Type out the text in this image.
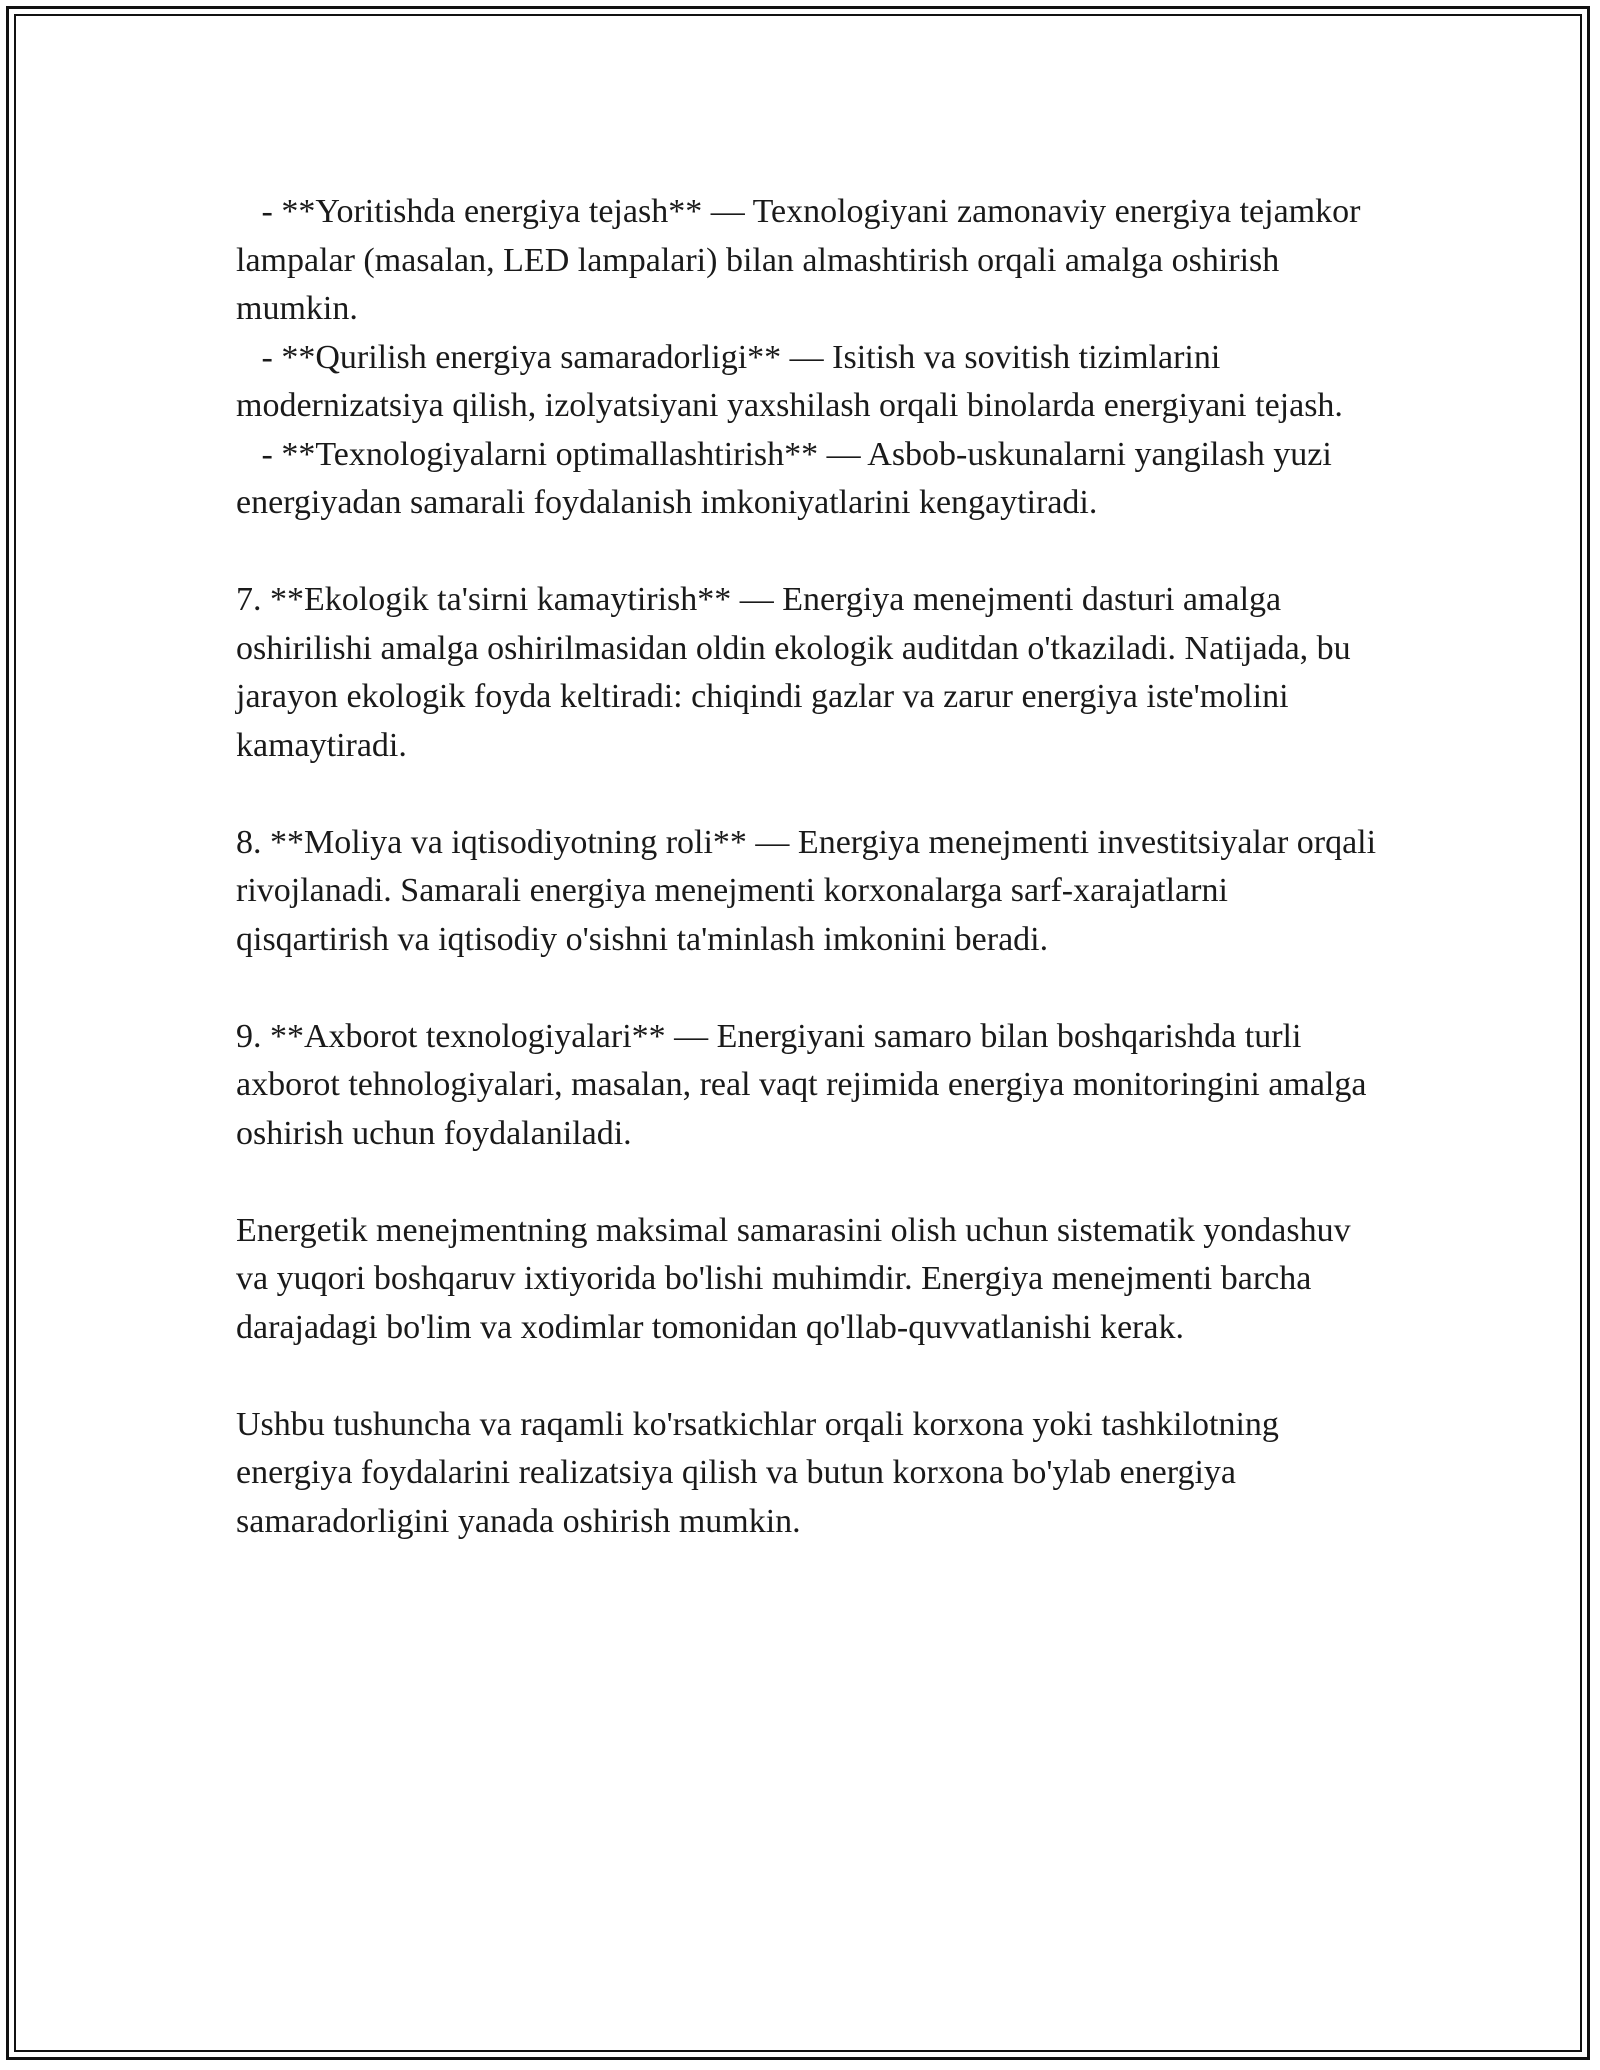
- **Yoritishda energiya tejash** — Texnologiyani zamonaviy energiya tejamkor lampalar (masalan, LED lampalari) bilan almashtirish orqali amalga oshirish mumkin.
- **Qurilish energiya samaradorligi** — Isitish va sovitish tizimlarini modernizatsiya qilish, izolyatsiyani yaxshilash orqali binolarda energiyani tejash.
- **Texnologiyalarni optimallashtirish** — Asbob-uskunalarni yangilash yuzi energiyadan samarali foydalanish imkoniyatlarini kengaytiradi.

7. **Ekologik ta'sirni kamaytirish** — Energiya menejmenti dasturi amalga oshirilishi amalga oshirilmasidan oldin ekologik auditdan o'tkaziladi. Natijada, bu jarayon ekologik foyda keltiradi: chiqindi gazlar va zarur energiya iste'molini kamaytiradi.

8. **Moliya va iqtisodiyotning roli** — Energiya menejmenti investitsiyalar orqali rivojlanadi. Samarali energiya menejmenti korxonalarga sarf-xarajatlarni qisqartirish va iqtisodiy o'sishni ta'minlash imkonini beradi.

9. **Axborot texnologiyalari** — Energiyani samaro bilan boshqarishda turli axborot tehnologiyalari, masalan, real vaqt rejimida energiya monitoringini amalga oshirish uchun foydalaniladi.

Energetik menejmentning maksimal samarasini olish uchun sistematik yondashuv va yuqori boshqaruv ixtiyorida bo'lishi muhimdir. Energiya menejmenti barcha darajadagi bo'lim va xodimlar tomonidan qo'llab-quvvatlanishi kerak.

Ushbu tushuncha va raqamli ko'rsatkichlar orqali korxona yoki tashkilotning energiya foydalarini realizatsiya qilish va butun korxona bo'ylab energiya samaradorligini yanada oshirish mumkin.
